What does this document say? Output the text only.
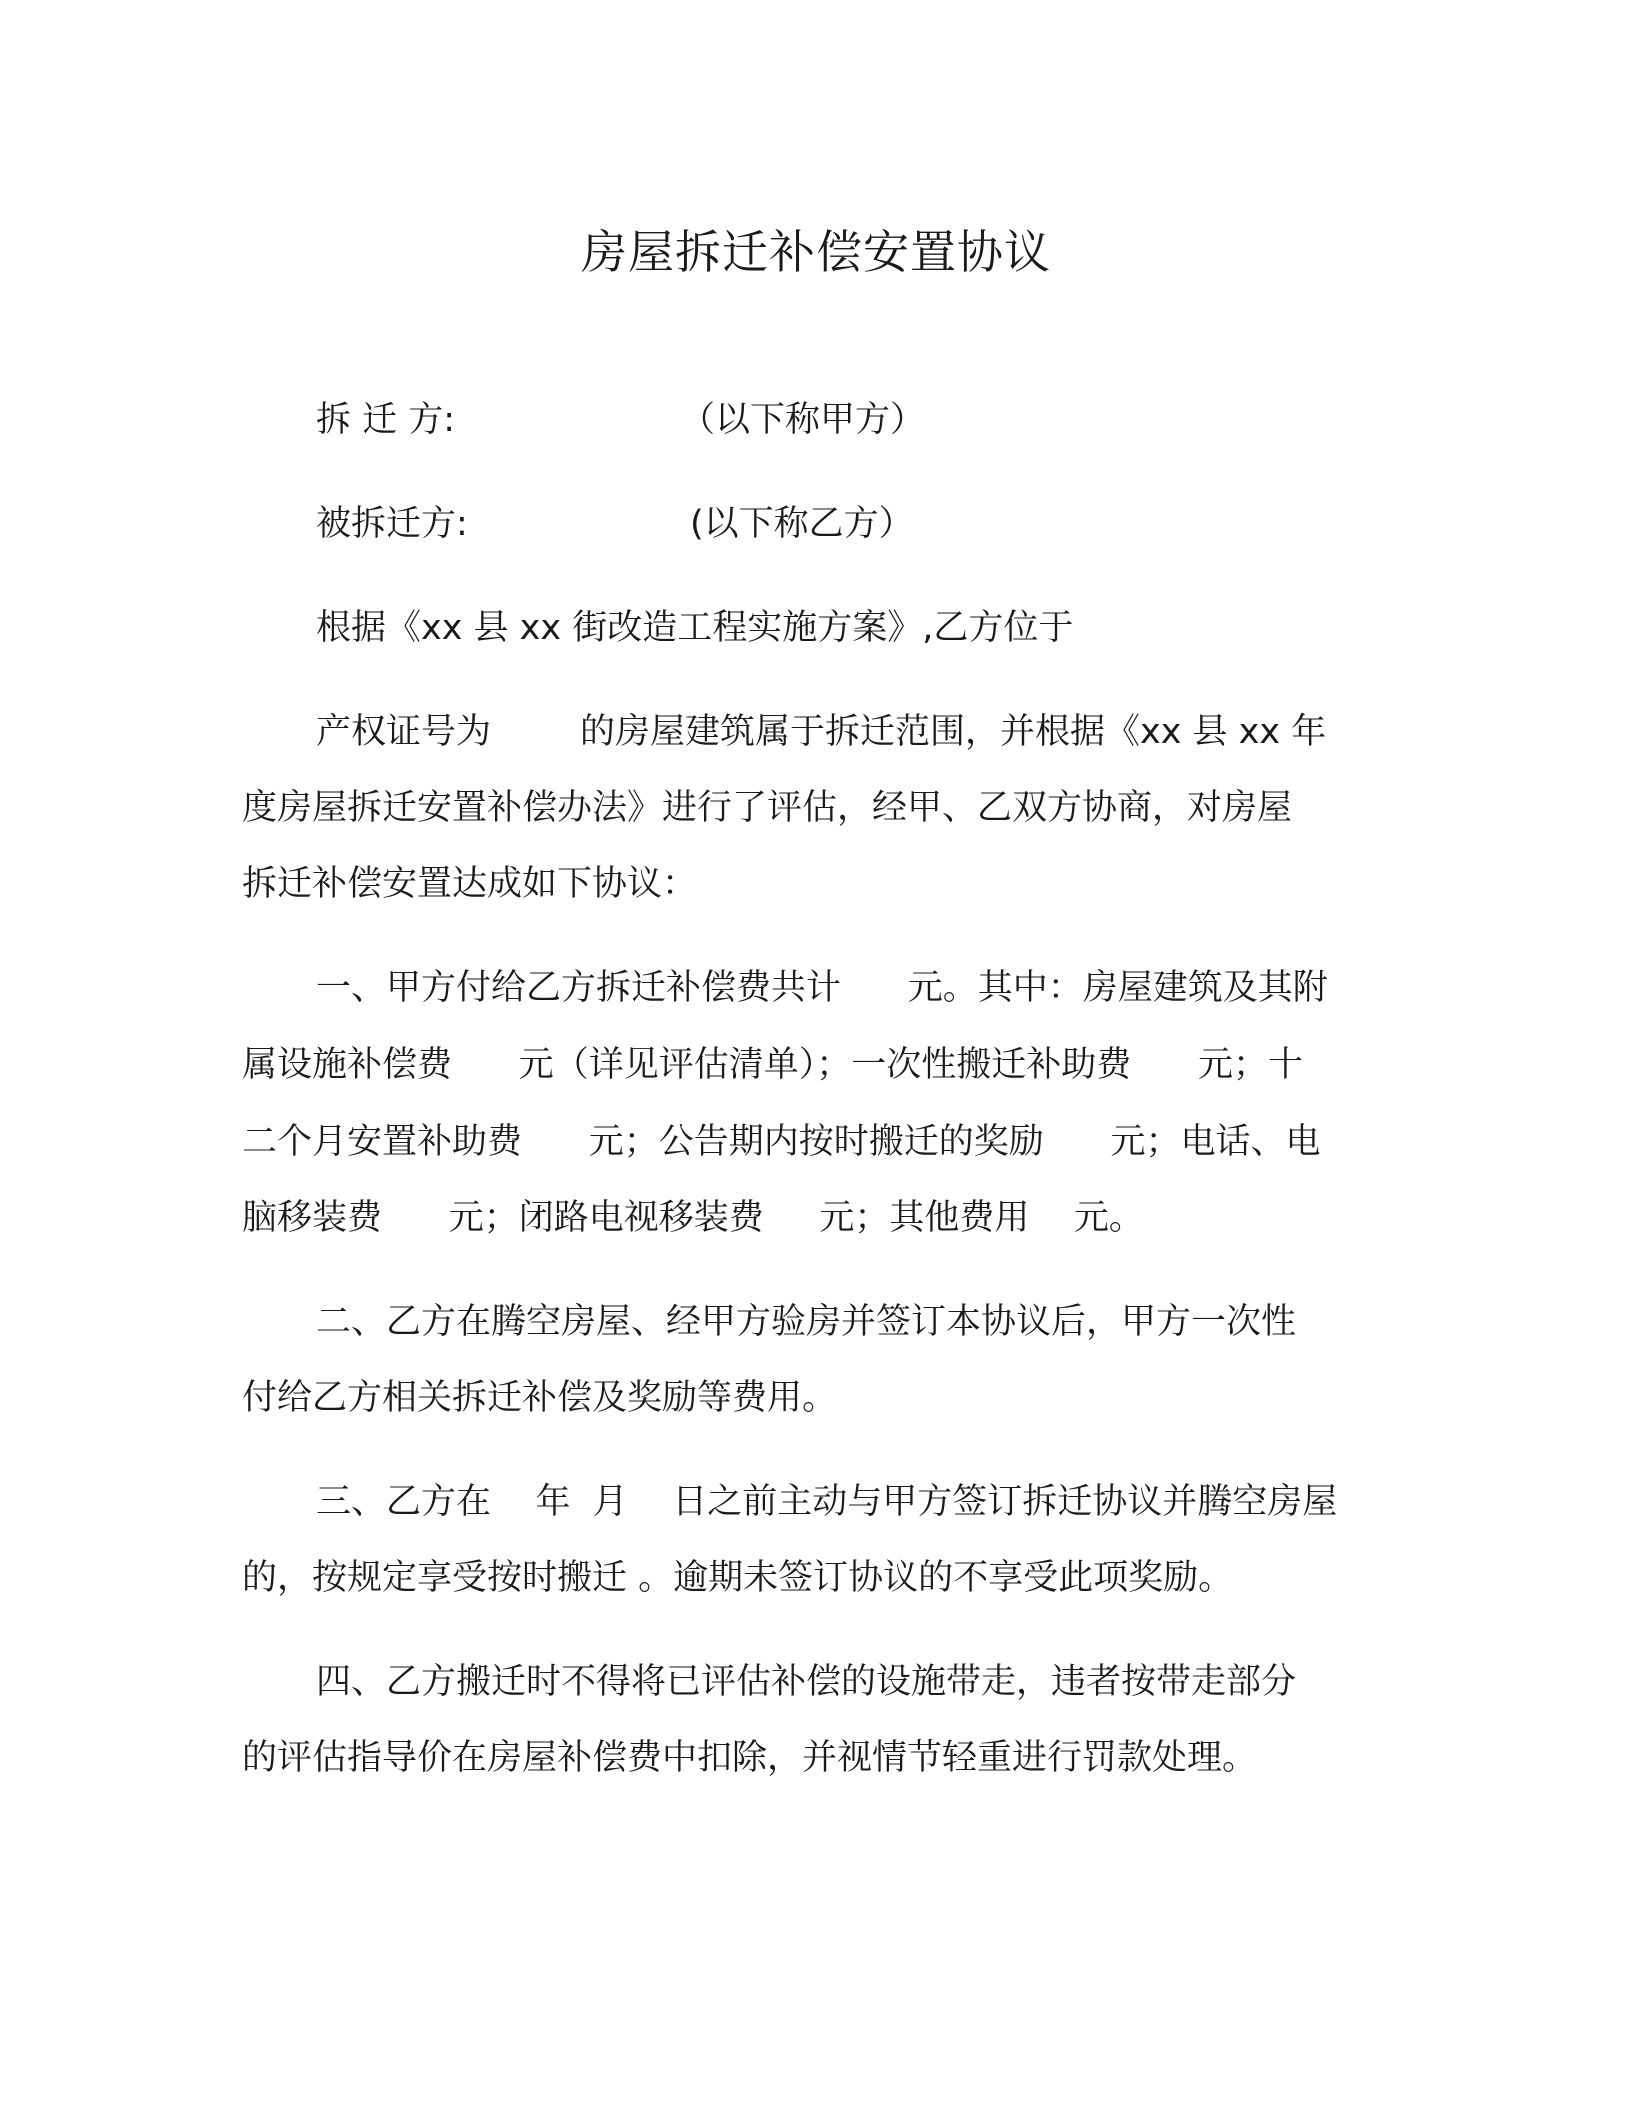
房屋拆迁补偿安置协议
拆 迁 方:	（以下称甲方）
被拆迁方:	(以下称乙方）
根据《xx 县 xx 街改造工程实施方案》,乙方位于
产权证号为        的房屋建筑属于拆迁范围，并根据《xx 县 xx 年
度房屋拆迁安置补偿办法》进行了评估，经甲、乙双方协商，对房屋
拆迁补偿安置达成如下协议：
一、甲方付给乙方拆迁补偿费共计      元。其中：房屋建筑及其附
属设施补偿费      元（详见评估清单）；一次性搬迁补助费      元；十
二个月安置补助费      元；公告期内按时搬迁的奖励      元；电话、电
脑移装费      元；闭路电视移装费     元；其他费用    元。
二、乙方在腾空房屋、经甲方验房并签订本协议后，甲方一次性
付给乙方相关拆迁补偿及奖励等费用。
三、乙方在    年  月    日之前主动与甲方签订拆迁协议并腾空房屋
的，按规定享受按时搬迁 。逾期未签订协议的不享受此项奖励。
四、乙方搬迁时不得将已评估补偿的设施带走，违者按带走部分
的评估指导价在房屋补偿费中扣除，并视情节轻重进行罚款处理。
